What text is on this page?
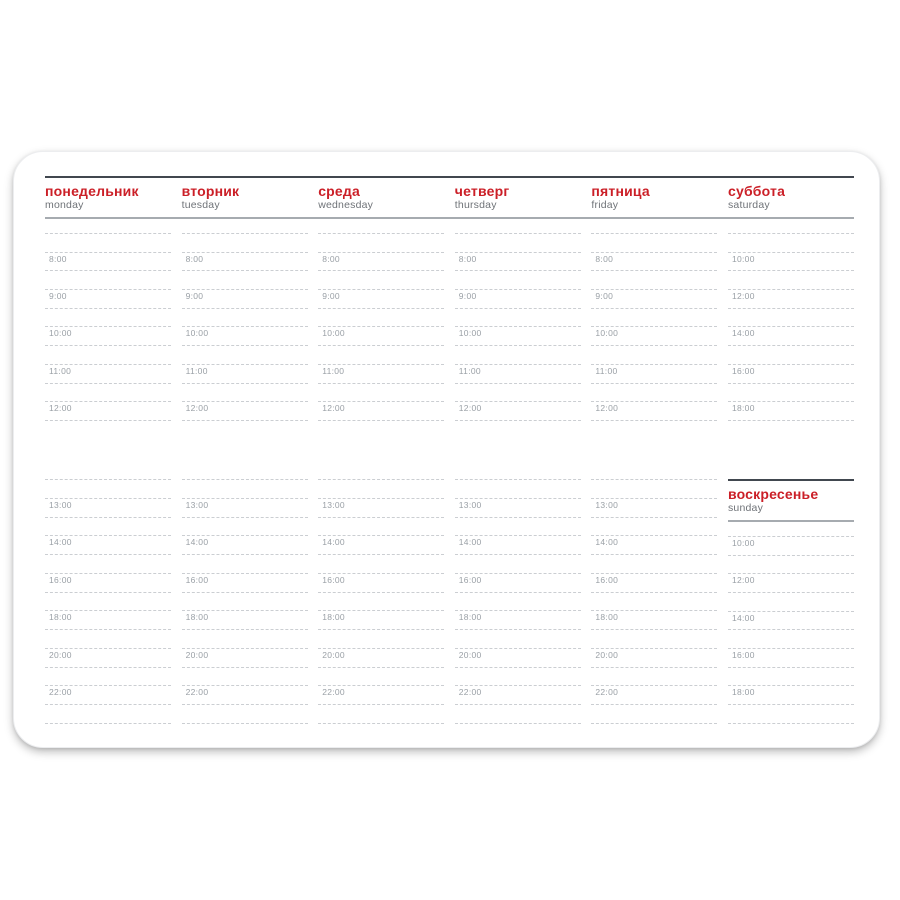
понедельник
monday
вторник
tuesday
среда
wednesday
четверг
thursday
пятница
friday
суббота
saturday
8:00
9:00
10:00
11:00
12:00
8:00
9:00
10:00
11:00
12:00
8:00
9:00
10:00
11:00
12:00
8:00
9:00
10:00
11:00
12:00
8:00
9:00
10:00
11:00
12:00
10:00
12:00
14:00
16:00
18:00
13:00
14:00
16:00
18:00
20:00
22:00
13:00
14:00
16:00
18:00
20:00
22:00
13:00
14:00
16:00
18:00
20:00
22:00
13:00
14:00
16:00
18:00
20:00
22:00
13:00
14:00
16:00
18:00
20:00
22:00
воскресенье
sunday
10:00
12:00
14:00
16:00
18:00
